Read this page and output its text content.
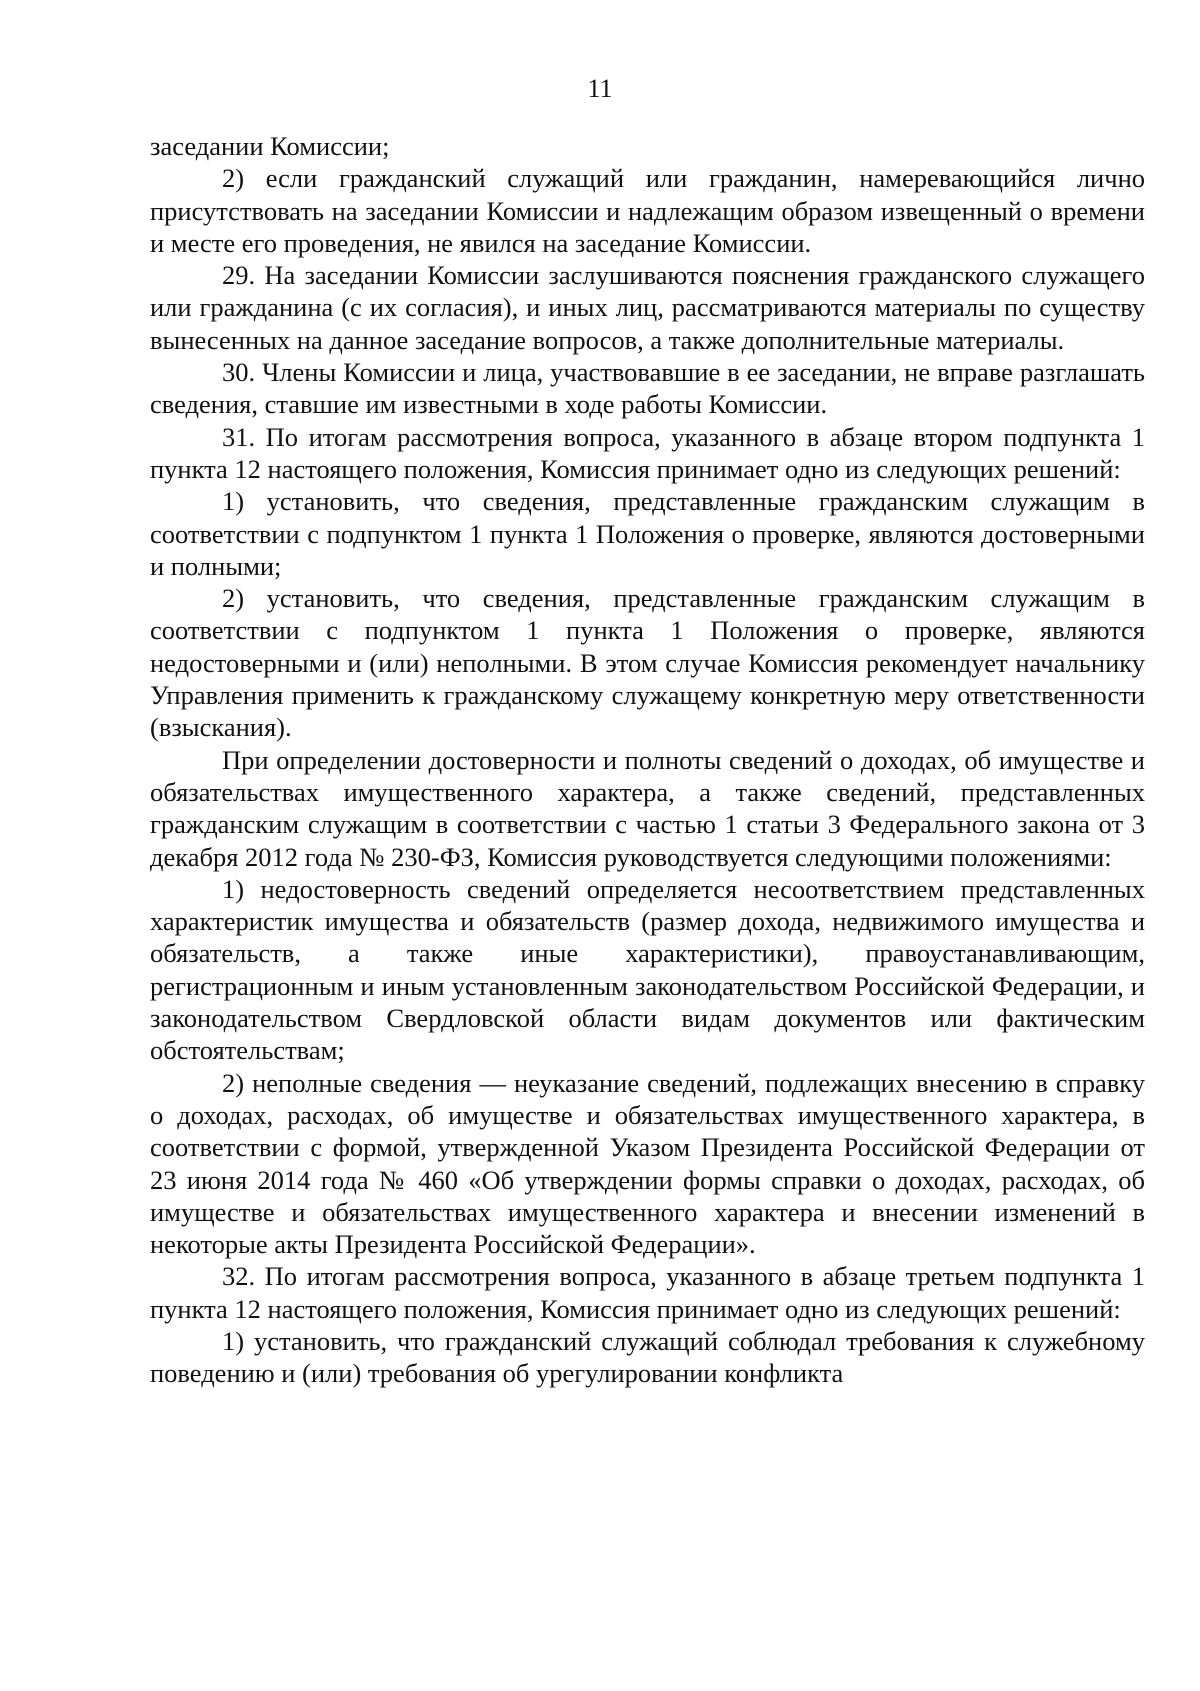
11

заседании Комиссии;

2) если гражданский служащий или гражданин, намеревающийся лично присутствовать на заседании Комиссии и надлежащим образом извещенный о времени и месте его проведения, не явился на заседание Комиссии.

29. На заседании Комиссии заслушиваются пояснения гражданского служащего или гражданина (с их согласия), и иных лиц, рассматриваются материалы по существу вынесенных на данное заседание вопросов, а также дополнительные материалы.

30. Члены Комиссии и лица, участвовавшие в ее заседании, не вправе разглашать сведения, ставшие им известными в ходе работы Комиссии.

31. По итогам рассмотрения вопроса, указанного в абзаце втором подпункта 1 пункта 12 настоящего положения, Комиссия принимает одно из следующих решений:

1) установить, что сведения, представленные гражданским служащим в соответствии с подпунктом 1 пункта 1 Положения о проверке, являются достоверными и полными;

2) установить, что сведения, представленные гражданским служащим в соответствии с подпунктом 1 пункта 1 Положения о проверке, являются недостоверными и (или) неполными. В этом случае Комиссия рекомендует начальнику Управления применить к гражданскому служащему конкретную меру ответственности (взыскания).

При определении достоверности и полноты сведений о доходах, об имуществе и обязательствах имущественного характера, а также сведений, представленных гражданским служащим в соответствии с частью 1 статьи 3 Федерального закона от 3 декабря 2012 года № 230-ФЗ, Комиссия руководствуется следующими положениями:

1) недостоверность сведений определяется несоответствием представленных характеристик имущества и обязательств (размер дохода, недвижимого имущества и обязательств, а также иные характеристики), правоустанавливающим, регистрационным и иным установленным законодательством Российской Федерации, и законодательством Свердловской области видам документов или фактическим обстоятельствам;

2) неполные сведения — неуказание сведений, подлежащих внесению в справку о доходах, расходах, об имуществе и обязательствах имущественного характера, в соответствии с формой, утвержденной Указом Президента Российской Федерации от 23 июня 2014 года № 460 «Об утверждении формы справки о доходах, расходах, об имуществе и обязательствах имущественного характера и внесении изменений в некоторые акты Президента Российской Федерации».

32. По итогам рассмотрения вопроса, указанного в абзаце третьем подпункта 1 пункта 12 настоящего положения, Комиссия принимает одно из следующих решений:

1) установить, что гражданский служащий соблюдал требования к служебному поведению и (или) требования об урегулировании конфликта
